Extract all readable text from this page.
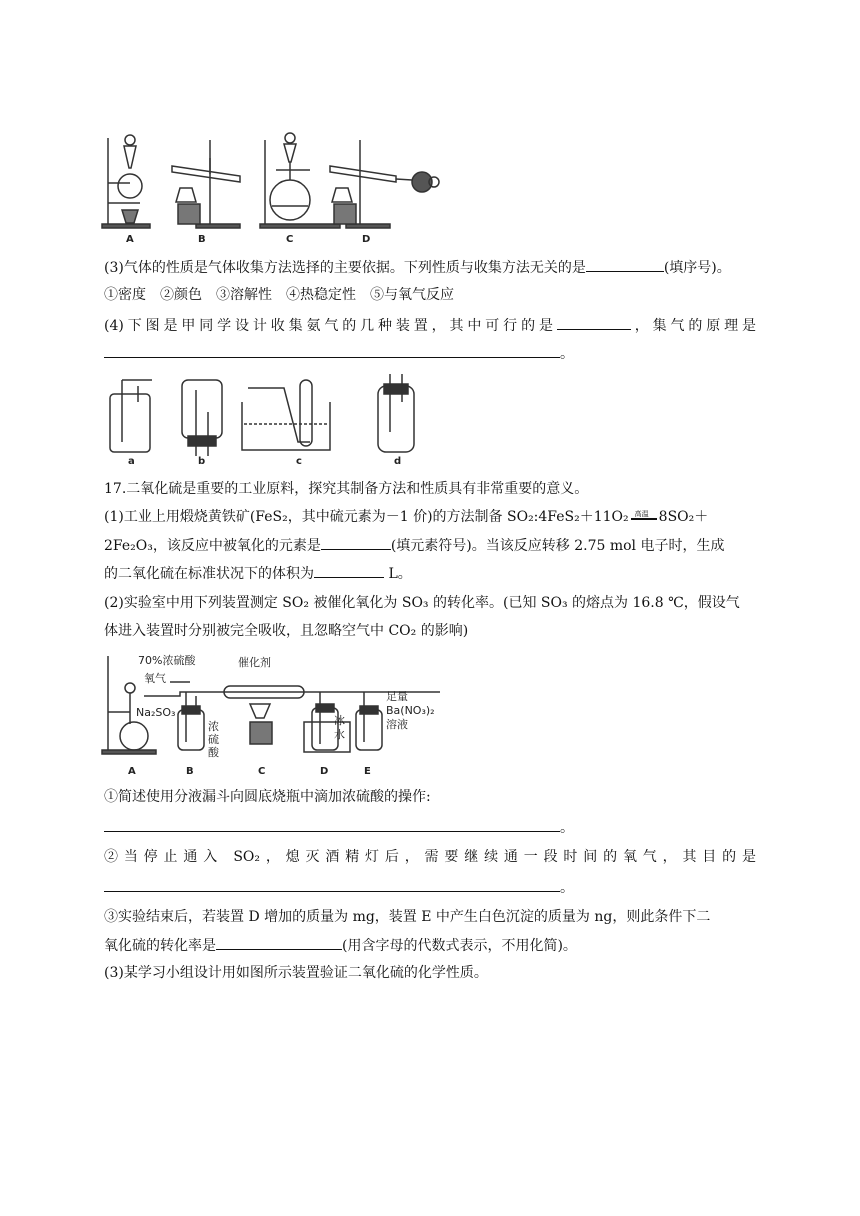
A	B	C	D
(3)气体的性质是气体收集方法选择的主要依据。下列性质与收集方法无关的是	(填序号)。
①密度　②颜色　③溶解性　④热稳定性　⑤与氧气反应
(4)下图是甲同学设计收集氨气的几种装置，其中可行的是	，集气的原理是
。
a	b	c	d
17.二氧化硫是重要的工业原料，探究其制备方法和性质具有非常重要的意义。
(1)工业上用煅烧黄铁矿(FeS₂，其中硫元素为－1 价)的方法制备 SO₂:4FeS₂＋11O₂ 高温 8SO₂＋
2Fe₂O₃，该反应中被氧化的元素是	(填元素符号)。当该反应转移 2.75 mol 电子时，生成
的二氧化硫在标准状况下的体积为	L。
(2)实验室中用下列装置测定 SO₂ 被催化氧化为 SO₃ 的转化率。(已知 SO₃ 的熔点为 16.8 ℃，假设气
体进入装置时分别被完全吸收，且忽略空气中 CO₂ 的影响)
70%浓硫酸
氧气
催化剂
Na₂SO₃
浓
硫
酸
冰
水
足量
Ba(NO₃)₂
溶液
A	B	C	D	E
①简述使用分液漏斗向圆底烧瓶中滴加浓硫酸的操作:
。
②当停止通入 SO₂，熄灭酒精灯后，需要继续通一段时间的氧气，其目的是
。
③实验结束后，若装置 D 增加的质量为 mg，装置 E 中产生白色沉淀的质量为 ng，则此条件下二
氧化硫的转化率是	(用含字母的代数式表示，不用化简)。
(3)某学习小组设计用如图所示装置验证二氧化硫的化学性质。
